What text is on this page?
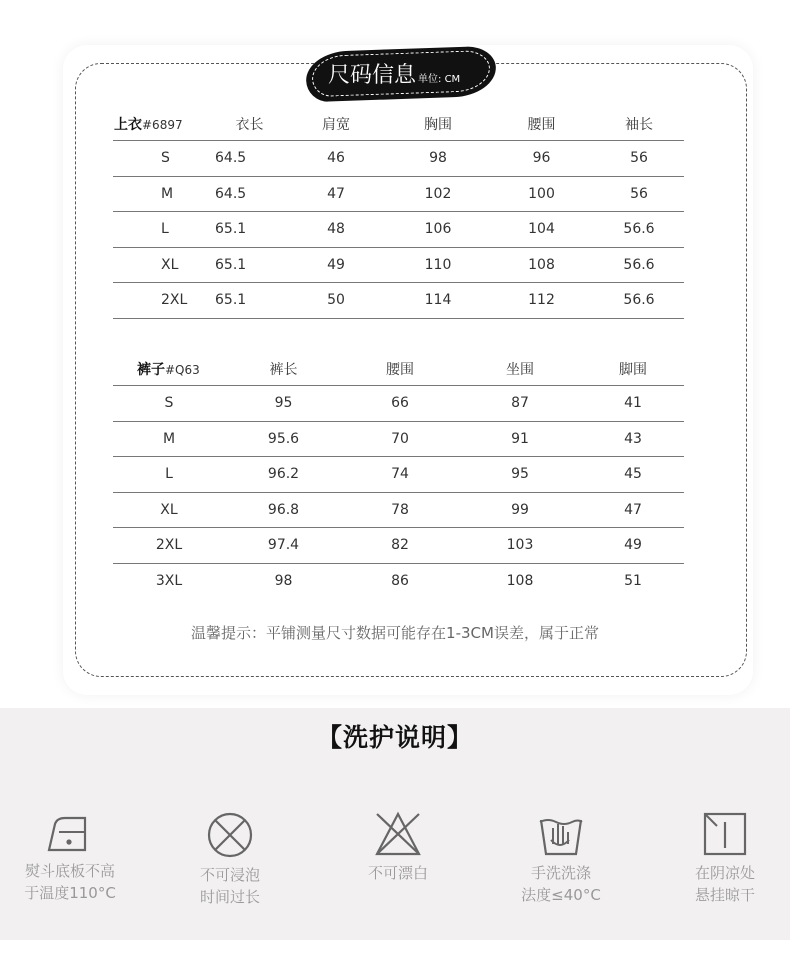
尺码信息 单位: CM
上衣#6897	衣长	肩宽	胸围	腰围	袖长
S	64.5	46	98	96	56
M	64.5	47	102	100	56
L	65.1	48	106	104	56.6
XL	65.1	49	110	108	56.6
2XL	65.1	50	114	112	56.6
裤子#Q63	裤长	腰围	坐围	脚围
S	95	66	87	41
M	95.6	70	91	43
L	96.2	74	95	45
XL	96.8	78	99	47
2XL	97.4	82	103	49
3XL	98	86	108	51
温馨提示：平铺测量尺寸数据可能存在1-3CM误差，属于正常
【洗护说明】
熨斗底板不高
于温度110°C
不可浸泡
时间过长
不可漂白	手洗洗涤
法度≤40°C
在阴凉处
悬挂晾干
